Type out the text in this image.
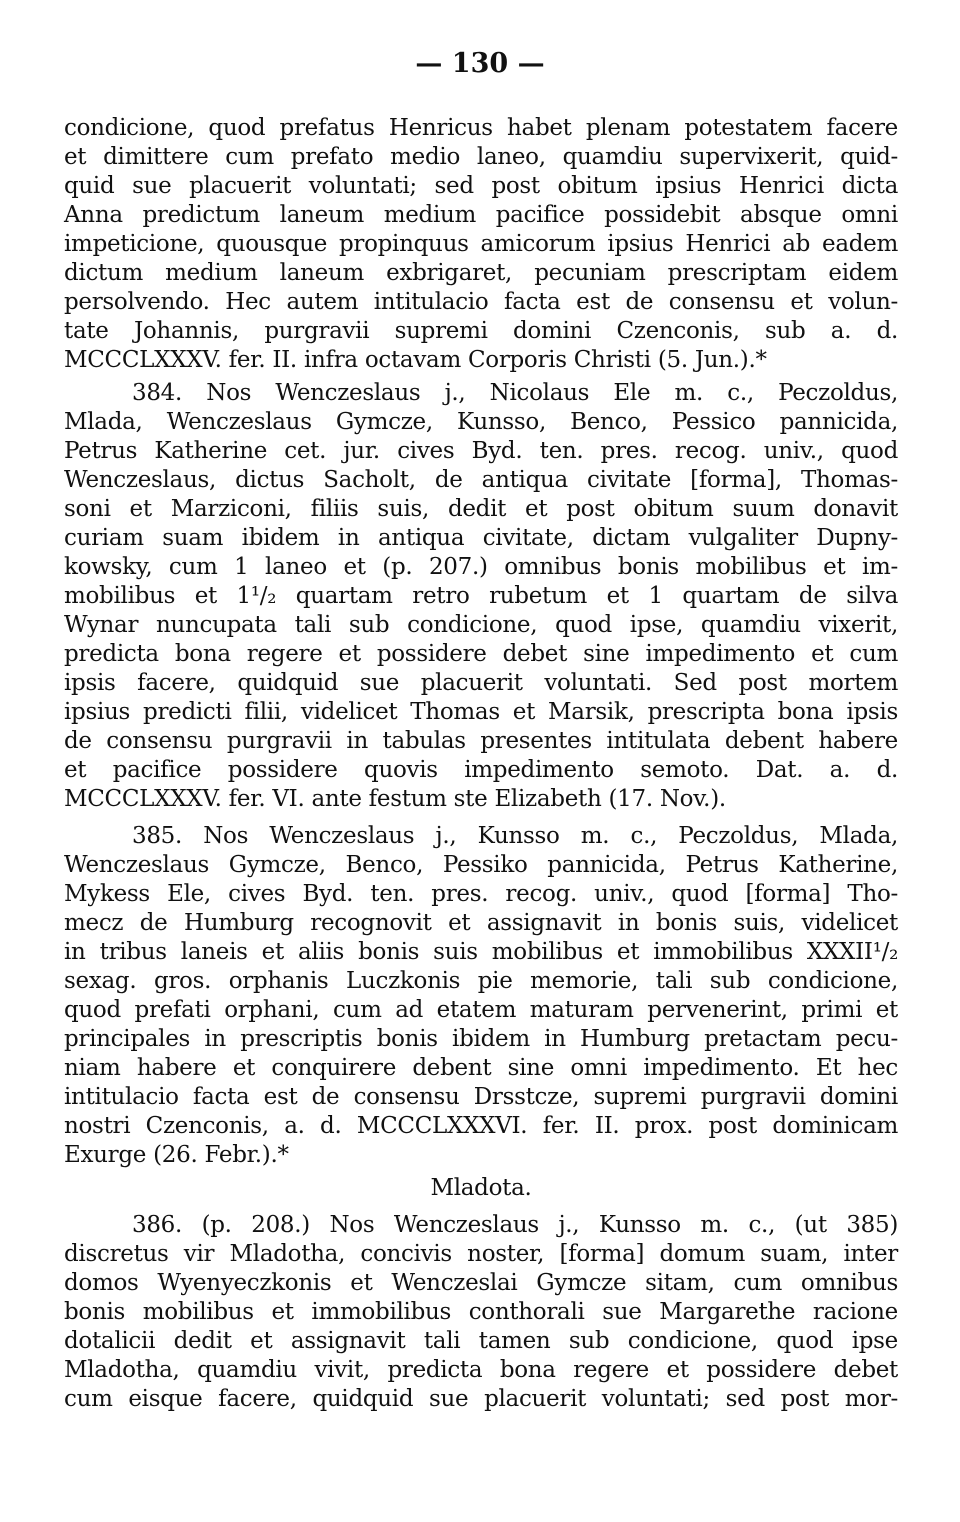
— 130 —
condicione, quod prefatus Henricus habet plenam potestatem facere
et dimittere cum prefato medio laneo, quamdiu supervixerit, quid-
quid sue placuerit voluntati; sed post obitum ipsius Henrici dicta
Anna predictum laneum medium pacifice possidebit absque omni
impeticione, quousque propinquus amicorum ipsius Henrici ab eadem
dictum medium laneum exbrigaret, pecuniam prescriptam eidem
persolvendo. Hec autem intitulacio facta est de consensu et volun-
tate Johannis, purgravii supremi domini Czenconis, sub a. d.
MCCCLXXXV. fer. II. infra octavam Corporis Christi (5. Jun.).*
384. Nos Wenczeslaus j., Nicolaus Ele m. c., Peczoldus,
Mlada, Wenczeslaus Gymcze, Kunsso, Benco, Pessico pannicida,
Petrus Katherine cet. jur. cives Byd. ten. pres. recog. univ., quod
Wenczeslaus, dictus Sacholt, de antiqua civitate [forma], Thomas-
soni et Marziconi, filiis suis, dedit et post obitum suum donavit
curiam suam ibidem in antiqua civitate, dictam vulgaliter Dupny-
kowsky, cum 1 laneo et (p. 207.) omnibus bonis mobilibus et im-
mobilibus et 1¹/₂ quartam retro rubetum et 1 quartam de silva
Wynar nuncupata tali sub condicione, quod ipse, quamdiu vixerit,
predicta bona regere et possidere debet sine impedimento et cum
ipsis facere, quidquid sue placuerit voluntati. Sed post mortem
ipsius predicti filii, videlicet Thomas et Marsik, prescripta bona ipsis
de consensu purgravii in tabulas presentes intitulata debent habere
et pacifice possidere quovis impedimento semoto. Dat. a. d.
MCCCLXXXV. fer. VI. ante festum ste Elizabeth (17. Nov.).
385. Nos Wenczeslaus j., Kunsso m. c., Peczoldus, Mlada,
Wenczeslaus Gymcze, Benco, Pessiko pannicida, Petrus Katherine,
Mykess Ele, cives Byd. ten. pres. recog. univ., quod [forma] Tho-
mecz de Humburg recognovit et assignavit in bonis suis, videlicet
in tribus laneis et aliis bonis suis mobilibus et immobilibus XXXII¹/₂
sexag. gros. orphanis Luczkonis pie memorie, tali sub condicione,
quod prefati orphani, cum ad etatem maturam pervenerint, primi et
principales in prescriptis bonis ibidem in Humburg pretactam pecu-
niam habere et conquirere debent sine omni impedimento. Et hec
intitulacio facta est de consensu Drsstcze, supremi purgravii domini
nostri Czenconis, a. d. MCCCLXXXVI. fer. II. prox. post dominicam
Exurge (26. Febr.).*
Mladota.
386. (p. 208.) Nos Wenczeslaus j., Kunsso m. c., (ut 385)
discretus vir Mladotha, concivis noster, [forma] domum suam, inter
domos Wyenyeczkonis et Wenczeslai Gymcze sitam, cum omnibus
bonis mobilibus et immobilibus conthorali sue Margarethe racione
dotalicii dedit et assignavit tali tamen sub condicione, quod ipse
Mladotha, quamdiu vivit, predicta bona regere et possidere debet
cum eisque facere, quidquid sue placuerit voluntati; sed post mor-
